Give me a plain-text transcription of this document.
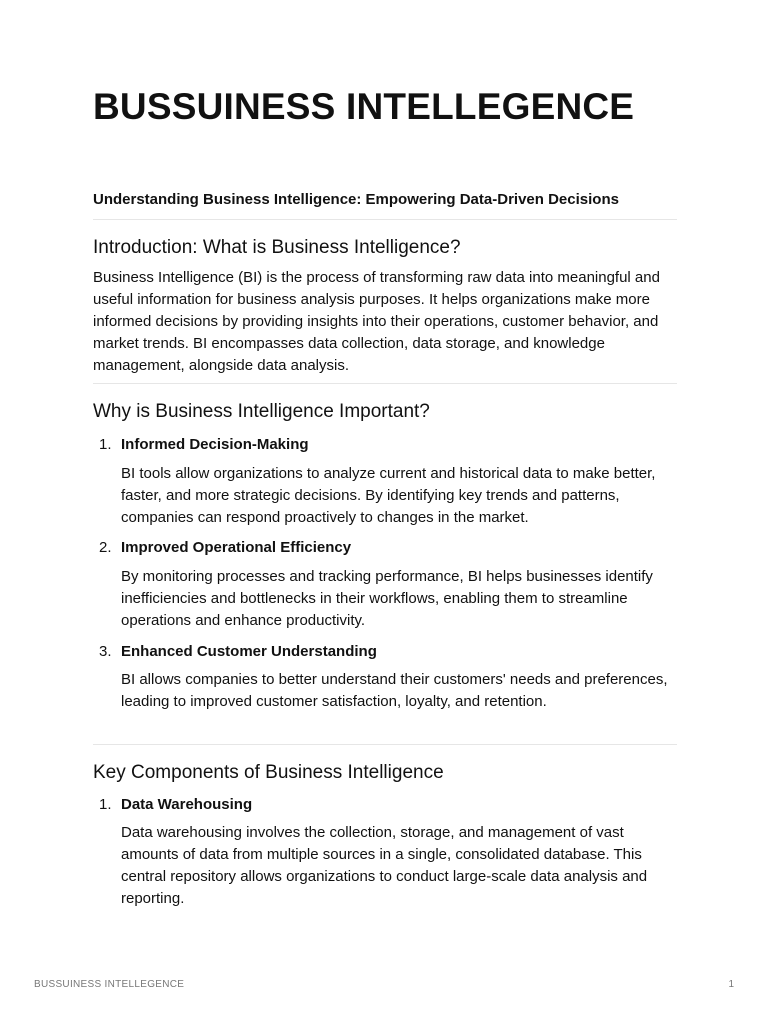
BUSSUINESS INTELLEGENCE

Understanding Business Intelligence: Empowering Data-Driven Decisions

Introduction: What is Business Intelligence?

Business Intelligence (BI) is the process of transforming raw data into meaningful and useful information for business analysis purposes. It helps organizations make more informed decisions by providing insights into their operations, customer behavior, and market trends. BI encompasses data collection, data storage, and knowledge management, alongside data analysis.

Why is Business Intelligence Important?
1. Informed Decision-Making

BI tools allow organizations to analyze current and historical data to make better, faster, and more strategic decisions. By identifying key trends and patterns, companies can respond proactively to changes in the market.

2. Improved Operational Efficiency

By monitoring processes and tracking performance, BI helps businesses identify inefficiencies and bottlenecks in their workflows, enabling them to streamline operations and enhance productivity.

3. Enhanced Customer Understanding

BI allows companies to better understand their customers' needs and preferences, leading to improved customer satisfaction, loyalty, and retention.

Key Components of Business Intelligence
1. Data Warehousing

Data warehousing involves the collection, storage, and management of vast amounts of data from multiple sources in a single, consolidated database. This central repository allows organizations to conduct large-scale data analysis and reporting.

BUSSUINESS INTELLEGENCE	1
